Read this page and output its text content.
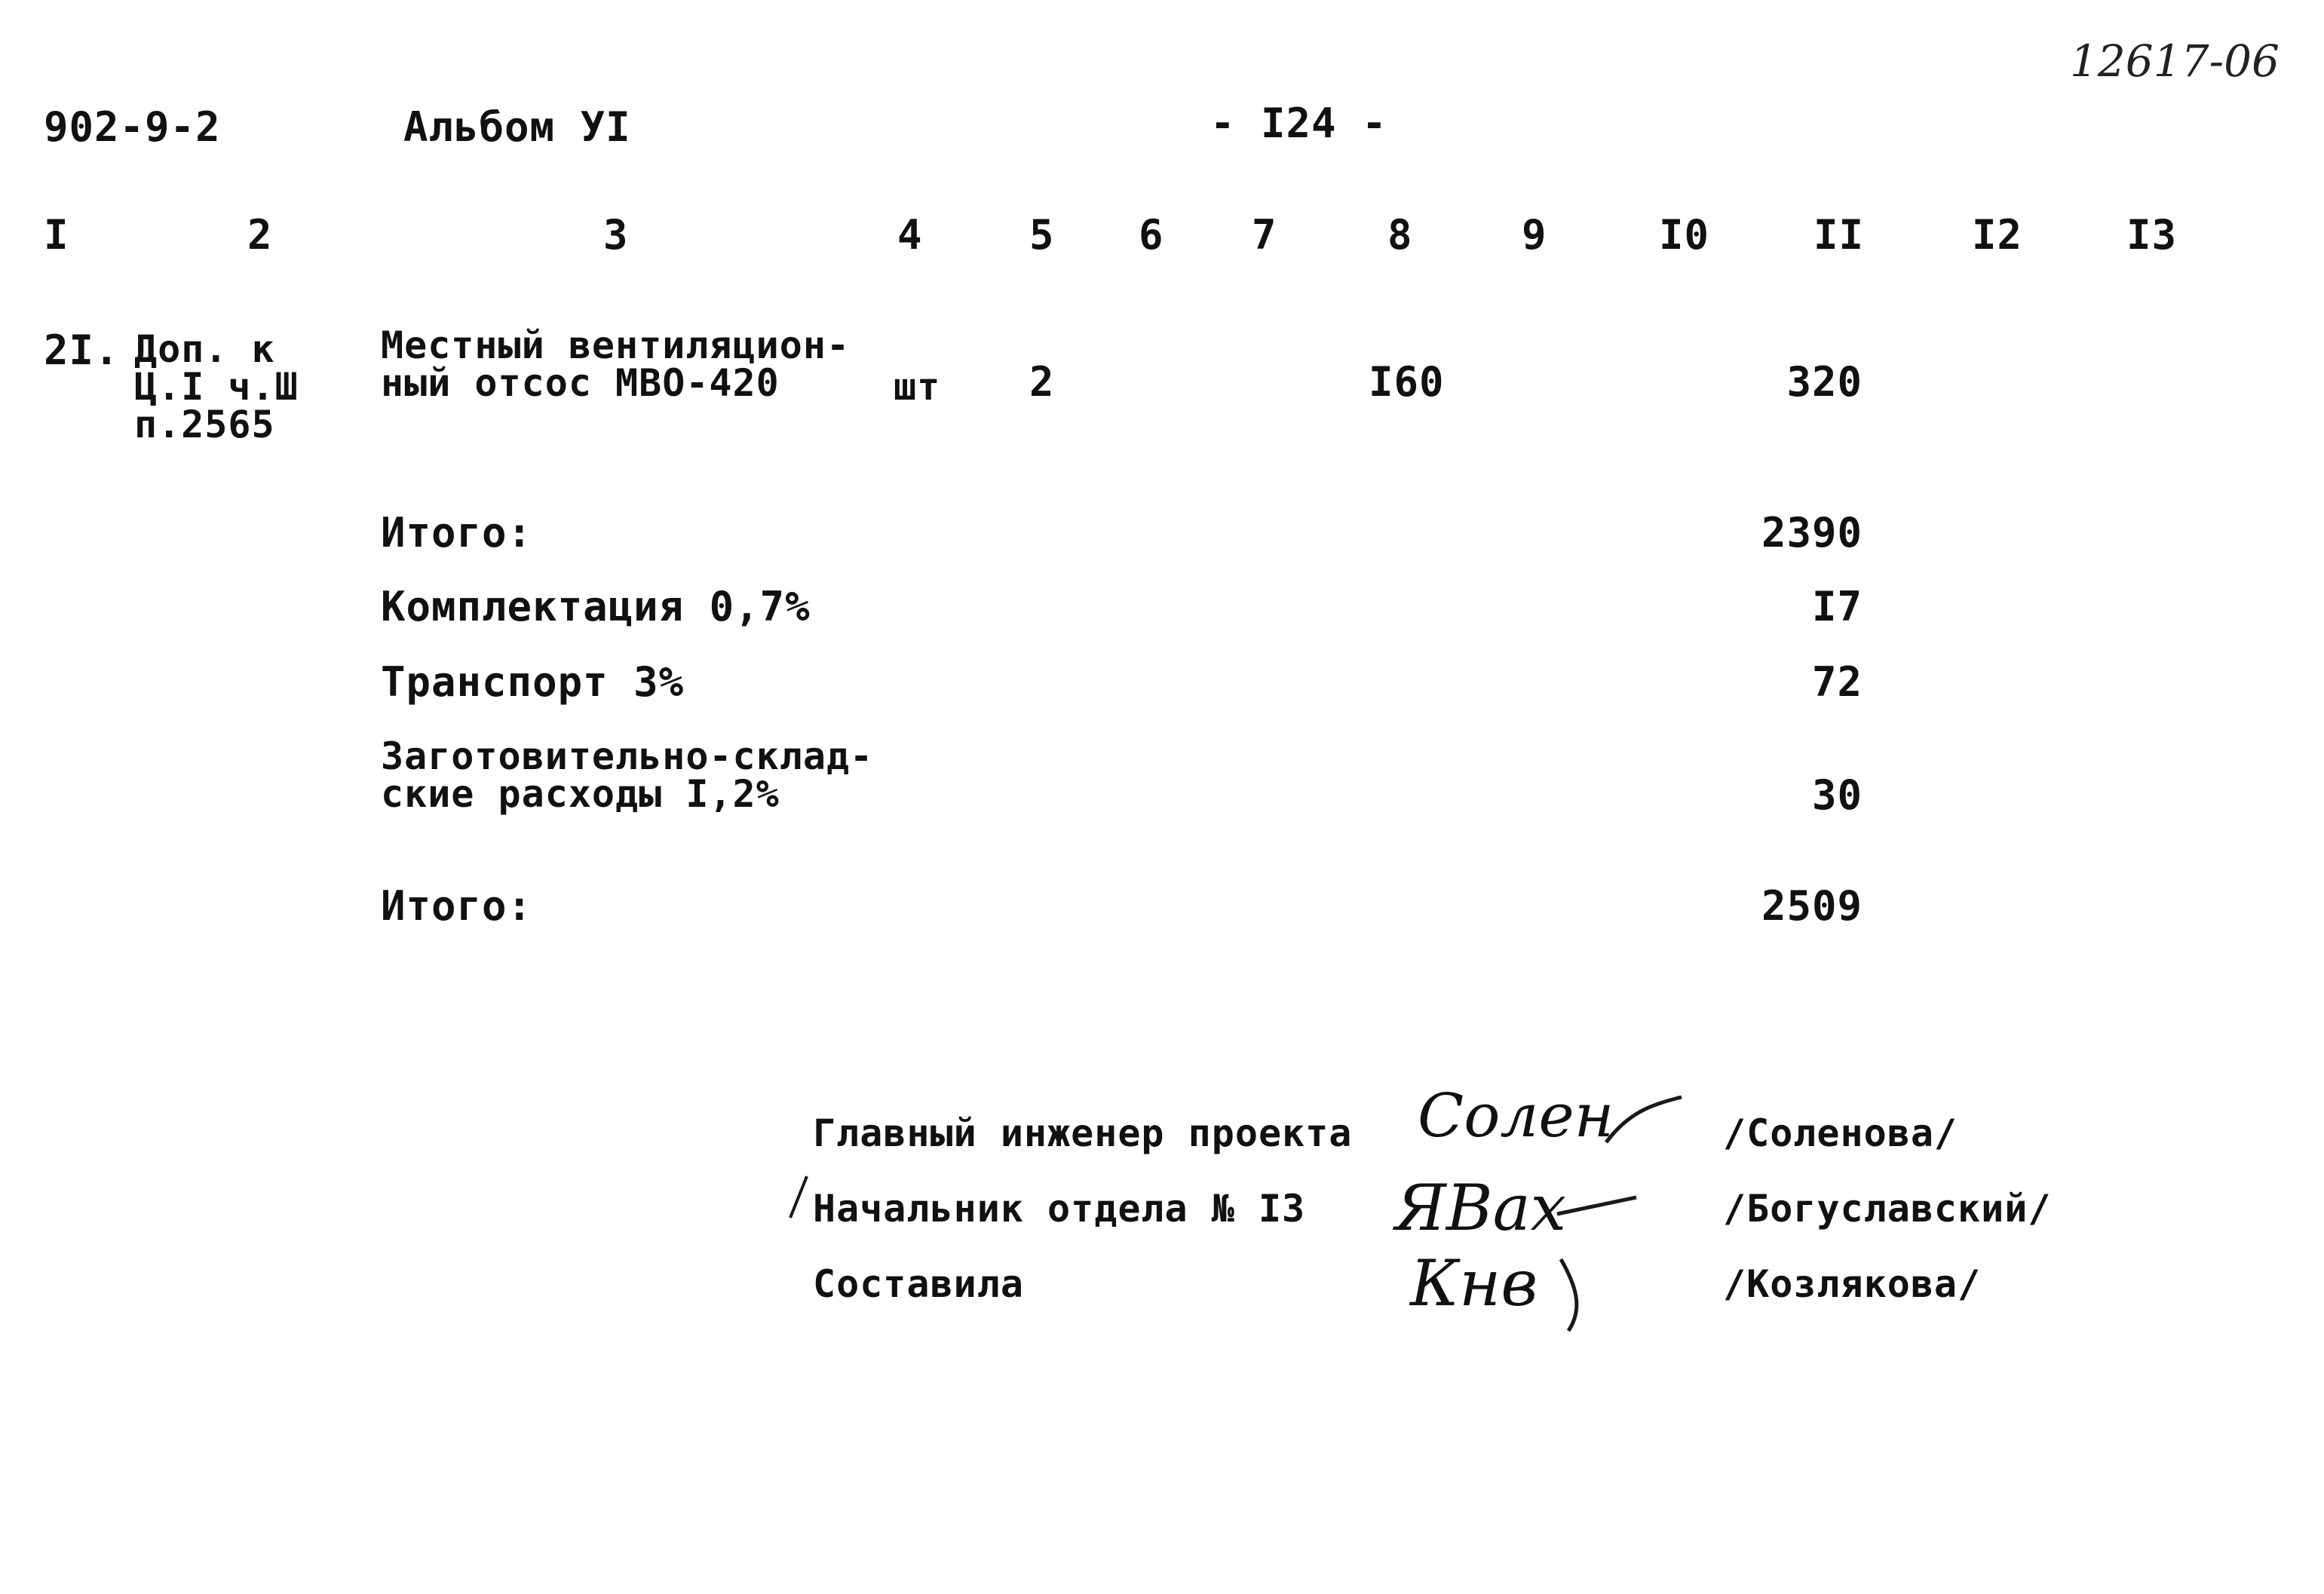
12617-06
902-9-2	Альбом УI	- I24 -
I	2	3	4	5 6 7	8	9	I0	II	I2	I3
2I. Доп. к
Ц.I ч.Ш
п.2565
Местный вентиляцион-
ный отсос МВО-420	шт 2	I60	320
Итого:	2390
Комплектация 0,7%	I7
Транспорт 3%	72
Заготовительно-склад-
ские расходы I,2%	30
Итого:	2509
Главный инженер проекта Солен	/Соленова/
Начальник отдела № I3 ЯВах	/Богуславский/
Составила	Кнв	/Козлякова/
